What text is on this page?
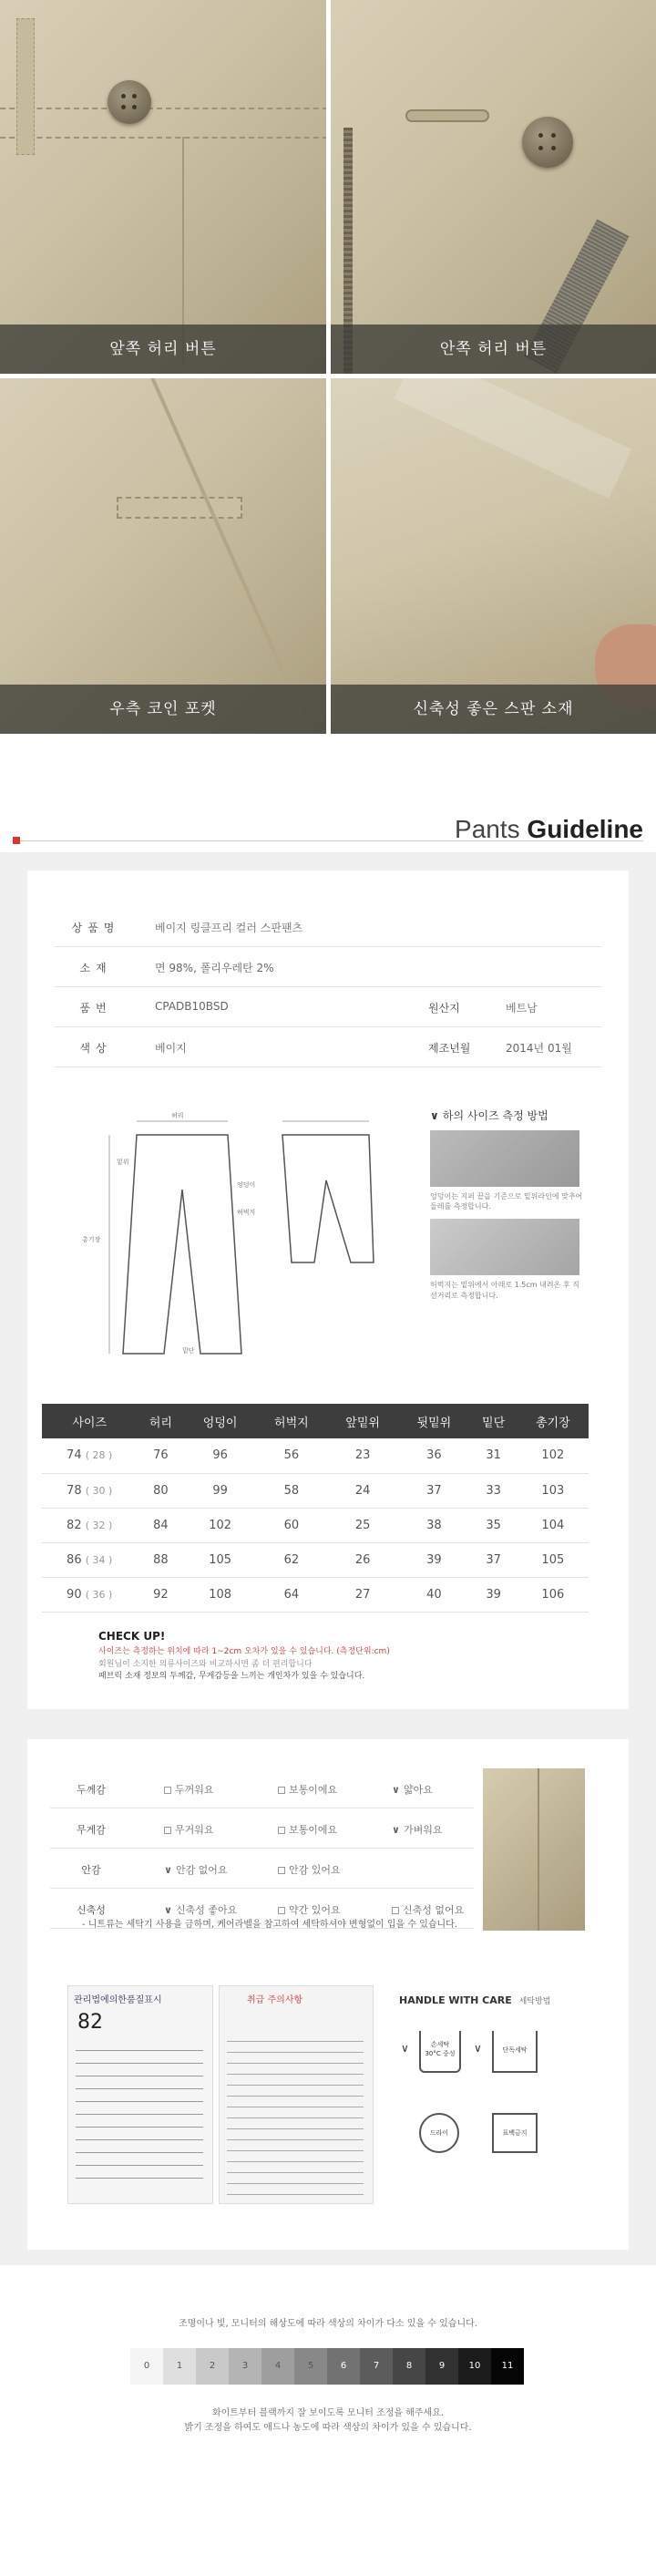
앞쪽 허리 버튼	안쪽 허리 버튼
우측 코인 포켓	신축성 좋은 스판 소재
Pants Guideline
상품명	베이지 링클프리 컬러 스판팬츠
소재	면 98%, 폴리우레탄 2%
품번	CPADB10BSD	원산지	베트남
색상	베이지	제조년월	2014년 01월
허리
밑위
엉덩이
허벅지
총기장
밑단
∨ 하의 사이즈 측정 방법
엉덩이는 지퍼 끝을 기준으로 밑위라인에 맞추어 둘레를 측정합니다.
허벅지는 밑위에서 아래로 1.5cm 내려온 후 직선거리로 측정합니다.
사이즈	허리	엉덩이	허벅지	앞밑위	뒷밑위	밑단	총기장
74 ( 28 )	76	96	56	23	36	31	102
78 ( 30 )	80	99	58	24	37	33	103
82 ( 32 )	84	102	60	25	38	35	104
86 ( 34 )	88	105	62	26	39	37	105
90 ( 36 )	92	108	64	27	40	39	106
CHECK UP!
사이즈는 측정하는 위치에 따라 1~2cm 오차가 있을 수 있습니다. (측정단위:cm)
회원님이 소지한 의류사이즈와 비교하시면 좀 더 편리합니다
패브릭 소재 정보의 두께감, 무게감등을 느끼는 개인차가 있을 수 있습니다.
두께감	두꺼워요	보통이에요	∨ 얇아요
무게감	무거워요	보통이에요	∨ 가벼워요
안감	∨ 안감 없어요	안감 있어요
신축성	∨ 신축성 좋아요	약간 있어요	신축성 없어요
- 니트류는 세탁기 사용을 금하며, 케어라벨을 참고하여 세탁하셔야 변형없이 입을 수 있습니다.
관리법에의한품질표시
82
취급 주의사항	HANDLE WITH CARE 세탁방법
손세탁
30°C 중성	단독세탁
드라이	표백금지
∨	∨
조명이나 빛, 모니터의 해상도에 따라 색상의 차이가 다소 있을 수 있습니다.
0	1	2	3	4	5	6	7	8	9	10	11
화이트부터 블랙까지 잘 보이도록 모니터 조정을 해주세요.
밝기 조정을 하여도 애드나 농도에 따라 색상의 차이가 있을 수 있습니다.
